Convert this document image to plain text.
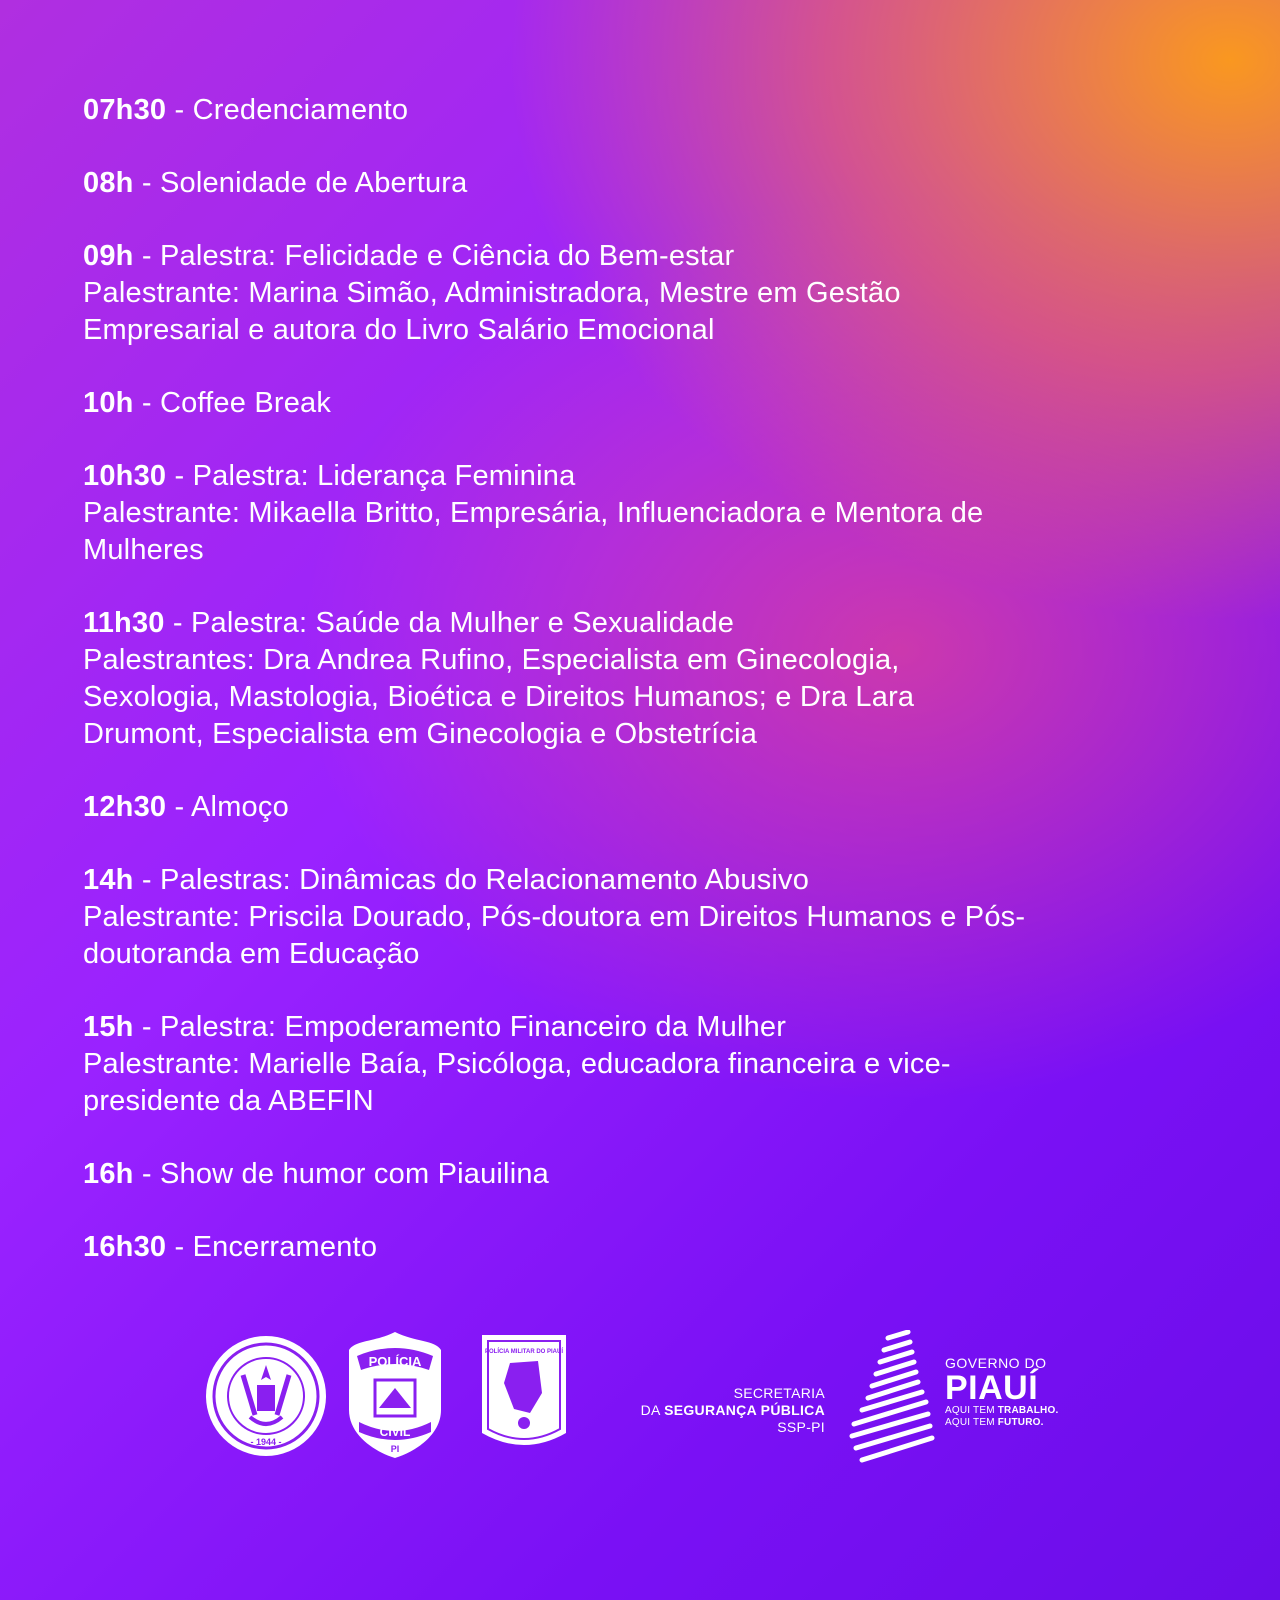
07h30 - Credenciamento
08h - Solenidade de Abertura
09h - Palestra: Felicidade e Ciência do Bem-estar
Palestrante: Marina Simão, Administradora, Mestre em Gestão
Empresarial e autora do Livro Salário Emocional
10h - Coffee Break
10h30 - Palestra: Liderança Feminina
Palestrante: Mikaella Britto, Empresária, Influenciadora e Mentora de
Mulheres
11h30 - Palestra: Saúde da Mulher e Sexualidade
Palestrantes: Dra Andrea Rufino, Especialista em Ginecologia,
Sexologia, Mastologia, Bioética e Direitos Humanos; e Dra Lara
Drumont, Especialista em Ginecologia e Obstetrícia
12h30 - Almoço
14h - Palestras: Dinâmicas do Relacionamento Abusivo
Palestrante: Priscila Dourado, Pós-doutora em Direitos Humanos e Pós-
doutoranda em Educação
15h - Palestra: Empoderamento Financeiro da Mulher
Palestrante: Marielle Baía, Psicóloga, educadora financeira e vice-
presidente da ABEFIN
16h - Show de humor com Piauilina
16h30 - Encerramento
- 1944 -
POLÍCIA
CIVIL
PI
POLÍCIA MILITAR DO PIAUÍ
SECRETARIA
DA SEGURANÇA PÚBLICA
SSP-PI
GOVERNO DO
PIAUÍ
AQUI TEM TRABALHO.
AQUI TEM FUTURO.
